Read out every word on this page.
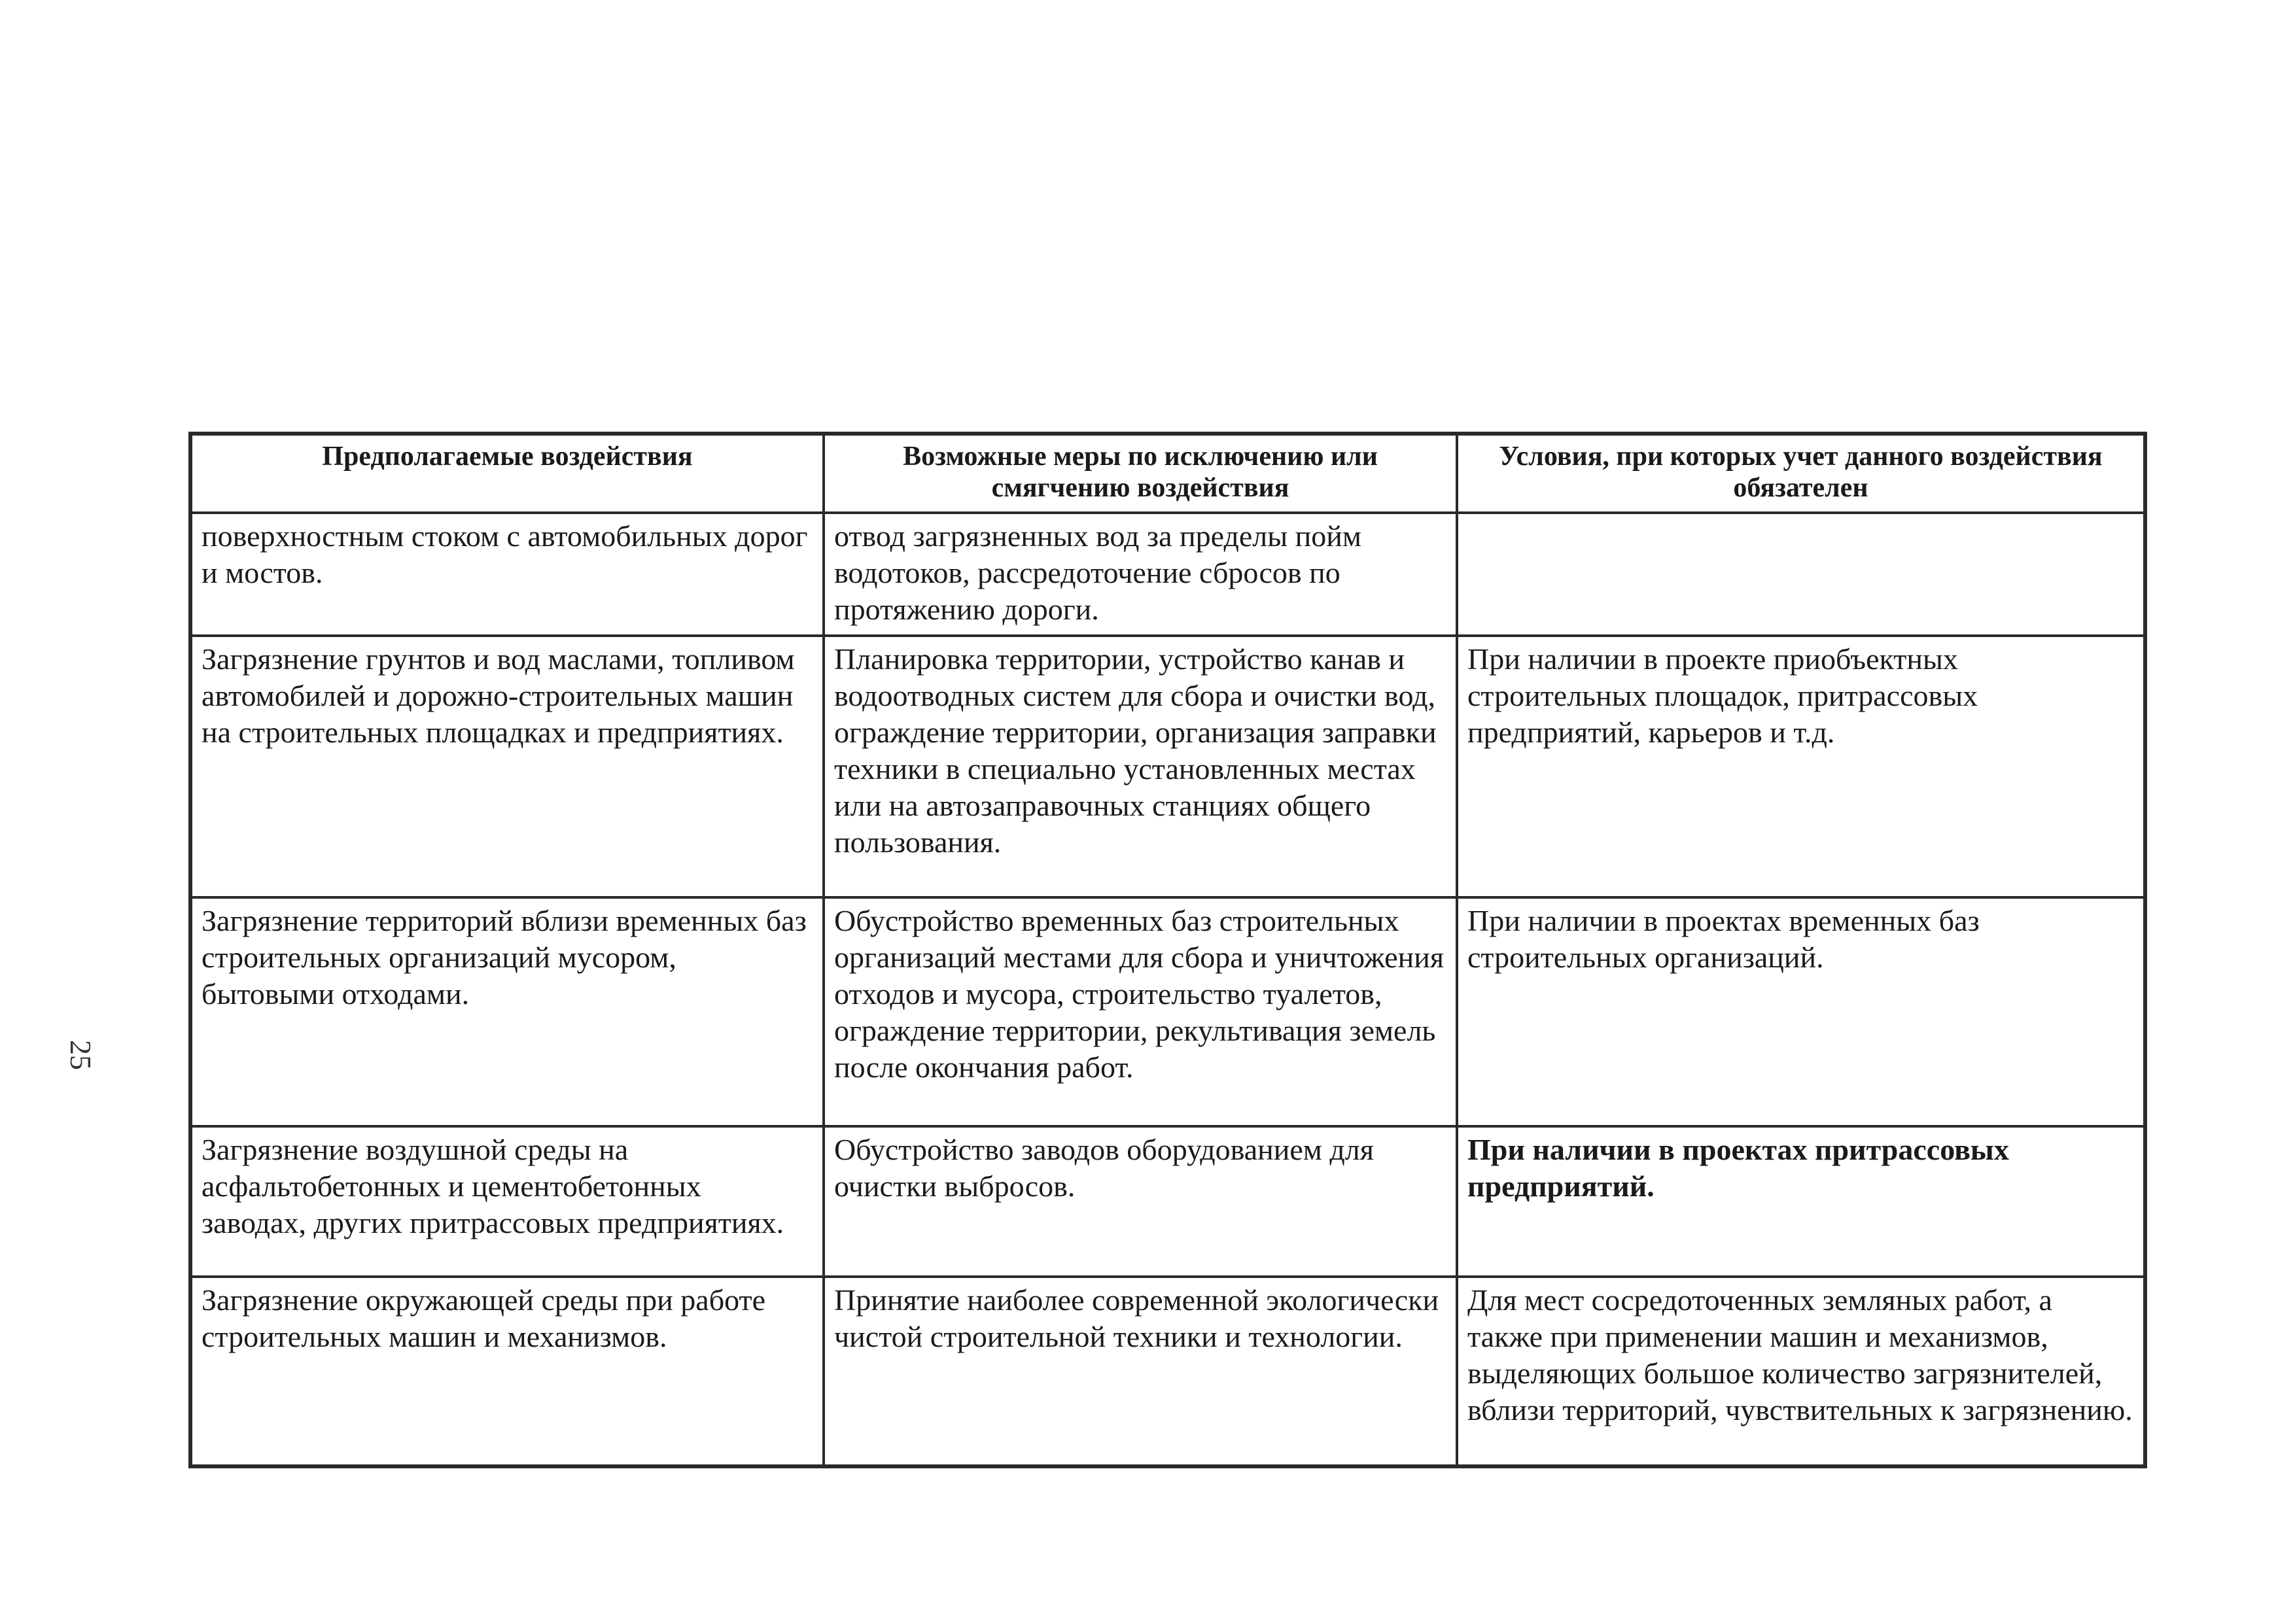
25
Предполагаемые воздействия	Возможные меры по исключению или смягчению воздействия	Условия, при которых учет данного воздействия обязателен
поверхностным стоком с автомобильных дорог и мостов.	отвод загрязненных вод за пределы пойм водотоков, рассредоточение сбросов по протяжению дороги.	
Загрязнение грунтов и вод маслами, топливом автомобилей и дорожно-строительных машин на строительных площадках и предприятиях.	Планировка территории, устройство канав и водоотводных систем для сбора и очистки вод, ограждение территории, организация заправки техники в специально установленных местах или на автозаправочных станциях общего пользования.	При наличии в проекте приобъектных строительных площадок, притрассовых предприятий, карьеров и т.д.
Загрязнение территорий вблизи временных баз строительных организаций мусором, бытовыми отходами.	Обустройство временных баз строительных организаций местами для сбора и уничтожения отходов и мусора, строительство туалетов, ограждение территории, рекультивация земель после окончания работ.	При наличии в проектах временных баз строительных организаций.
Загрязнение воздушной среды на асфальтобетонных и цементобетонных заводах, других притрассовых предприятиях.	Обустройство заводов оборудованием для очистки выбросов.	При наличии в проектах притрассовых предприятий.
Загрязнение окружающей среды при работе строительных машин и механизмов.	Принятие наиболее современной экологически чистой строительной техники и технологии.	Для мест сосредоточенных земляных работ, а также при применении машин и механизмов, выделяющих большое количество загрязнителей, вблизи территорий, чувствительных к загрязнению.
